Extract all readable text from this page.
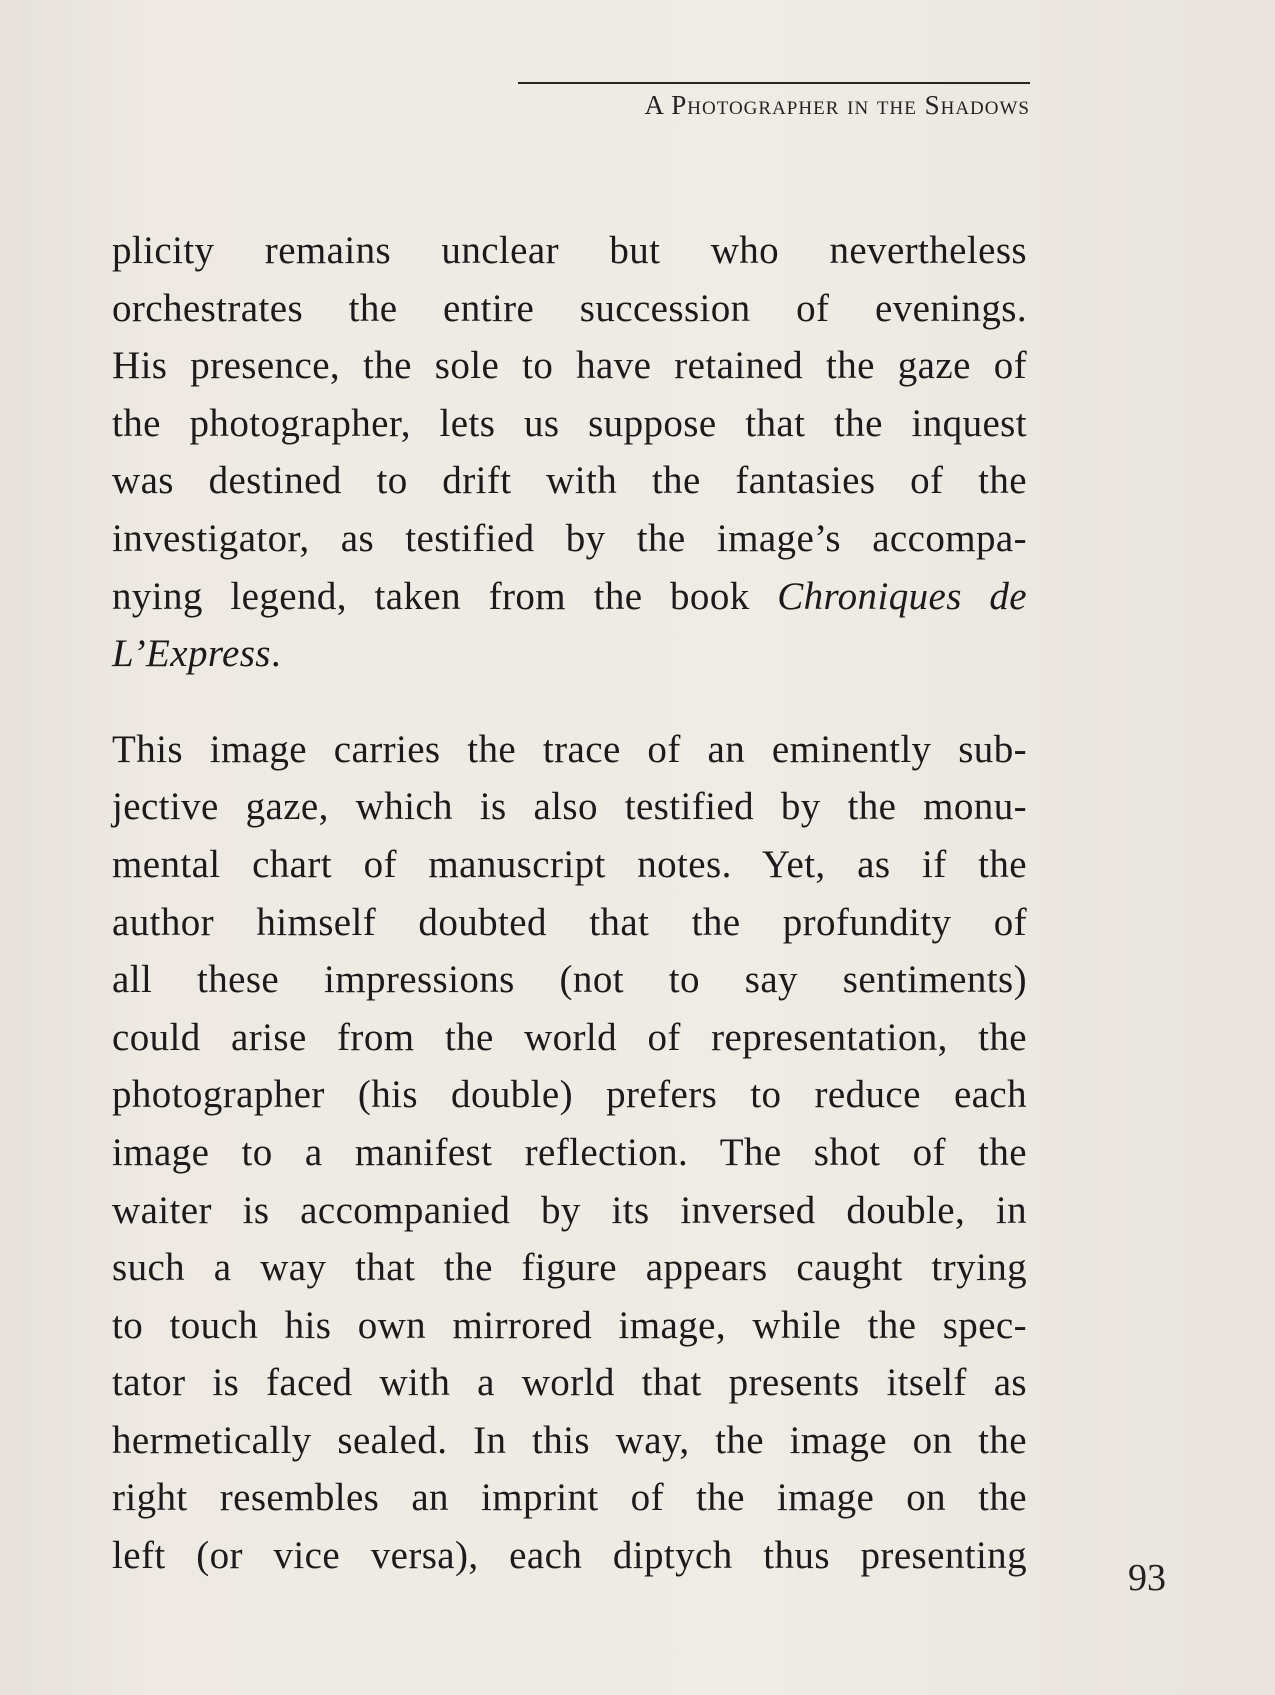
A Photographer in the Shadows

plicity remains unclear but who nevertheless
orchestrates the entire succession of evenings.
His presence, the sole to have retained the gaze of
the photographer, lets us suppose that the inquest
was destined to drift with the fantasies of the
investigator, as testified by the image’s accompa-
nying legend, taken from the book Chroniques de
L’Express.

This image carries the trace of an eminently sub-
jective gaze, which is also testified by the monu-
mental chart of manuscript notes. Yet, as if the
author himself doubted that the profundity of
all these impressions (not to say sentiments)
could arise from the world of representation, the
photographer (his double) prefers to reduce each
image to a manifest reflection. The shot of the
waiter is accompanied by its inversed double, in
such a way that the figure appears caught trying
to touch his own mirrored image, while the spec-
tator is faced with a world that presents itself as
hermetically sealed. In this way, the image on the
right resembles an imprint of the image on the
left (or vice versa), each diptych thus presenting

93
